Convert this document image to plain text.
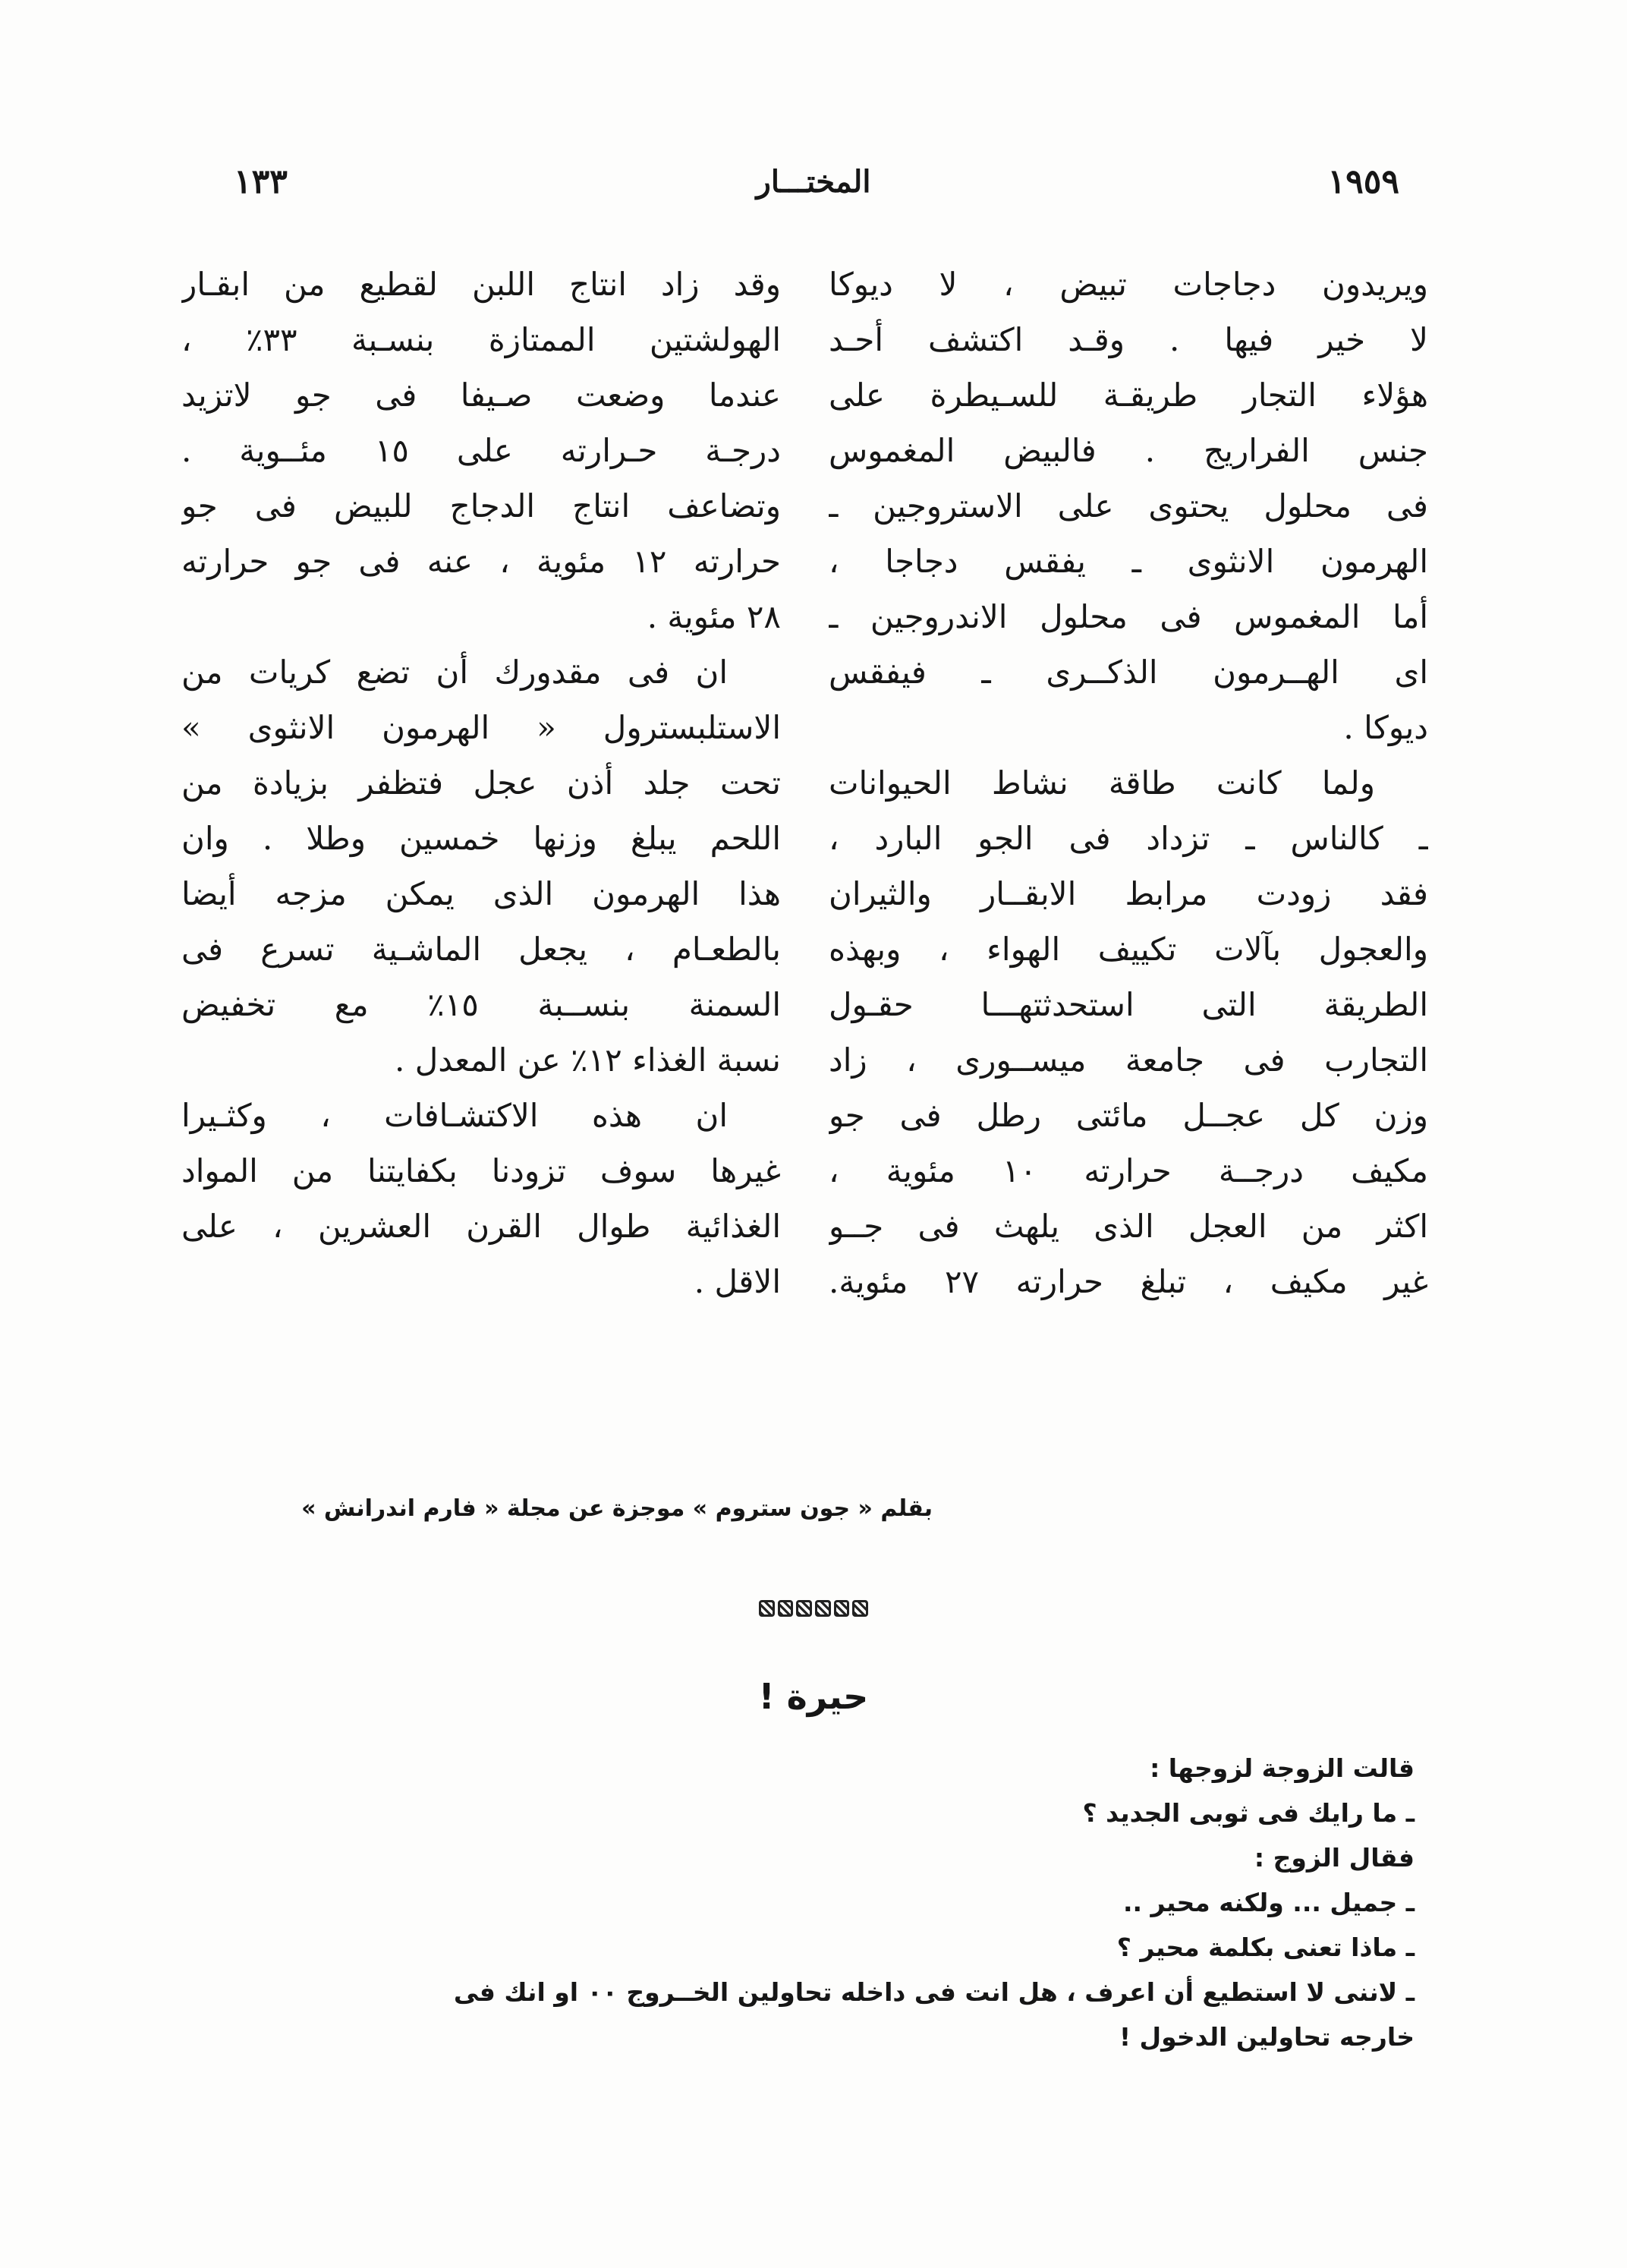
١٩٥٩
المختـــار
١٣٣
ويريدون دجاجات تبيض ، لا ديوكا
لا خير فيها . وقـد اكتشف أحـد
هؤلاء التجار طريقـة للسـيطرة على
جنس الفراريج . فالبيض المغموس
فى محلول يحتوى على الاستروجين ـ
الهرمون الانثوى ـ يفقس دجاجا ،
أما المغموس فى محلول الاندروجين ـ
اى الهــرمون الذكــرى ـ فيفقس
ديوكا .
ولما كانت طاقة نشاط الحيوانات
ـ كالناس ـ تزداد فى الجو البارد ،
فقد زودت مرابط الابقــار والثيران
والعجول بآلات تكييف الهواء ، وبهذه
الطريقة التى استحدثتهـــا حقـول
التجارب فى جامعة ميســورى ، زاد
وزن كل عجــل مائتى رطل فى جو
مكيف درجــة حرارته ١٠ مئوية ،
اكثر من العجل الذى يلهث فى جــو
غير مكيف ، تبلغ حرارته ٢٧ مئوية.
وقد زاد انتاج اللبن لقطيع من ابقـار
الهولشتين الممتازة بنسـبة ٣٣٪ ،
عندما وضعت صـيفا فى جو لاتزيد
درجـة حـرارته على ١٥ مئــوية .
وتضاعف انتاج الدجاج للبيض فى جو
حرارته ١٢ مئوية ، عنه فى جو حرارته
٢٨ مئوية .
ان فى مقدورك أن تضع كريات من
الاستلبسترول « الهرمون الانثوى »
تحت جلد أذن عجل فتظفر بزيادة من
اللحم يبلغ وزنها خمسين وطلا . وان
هذا الهرمون الذى يمكن مزجه أيضا
بالطعـام ، يجعل الماشـية تسرع فى
السمنة بنســبة ١٥٪ مع تخفيض
نسبة الغذاء ١٢٪ عن المعدل .
ان هذه الاكتشـافات ، وكثـيرا
غيرها سوف تزودنا بكفايتنا من المواد
الغذائية طوال القرن العشرين ، على
الاقل .
بقلم « جون ستروم » موجزة عن مجلة « فارم اندرانش »
حيرة !
قالت الزوجة لزوجها :
ـ ما رايك فى ثوبى الجديد ؟
فقال الزوج :
ـ جميل ... ولكنه محير ..
ـ ماذا تعنى بكلمة محير ؟
ـ لاننى لا استطيع أن اعرف ، هل انت فى داخله تحاولين الخــروج ٠٠ او انك فى
خارجه تحاولين الدخول !
